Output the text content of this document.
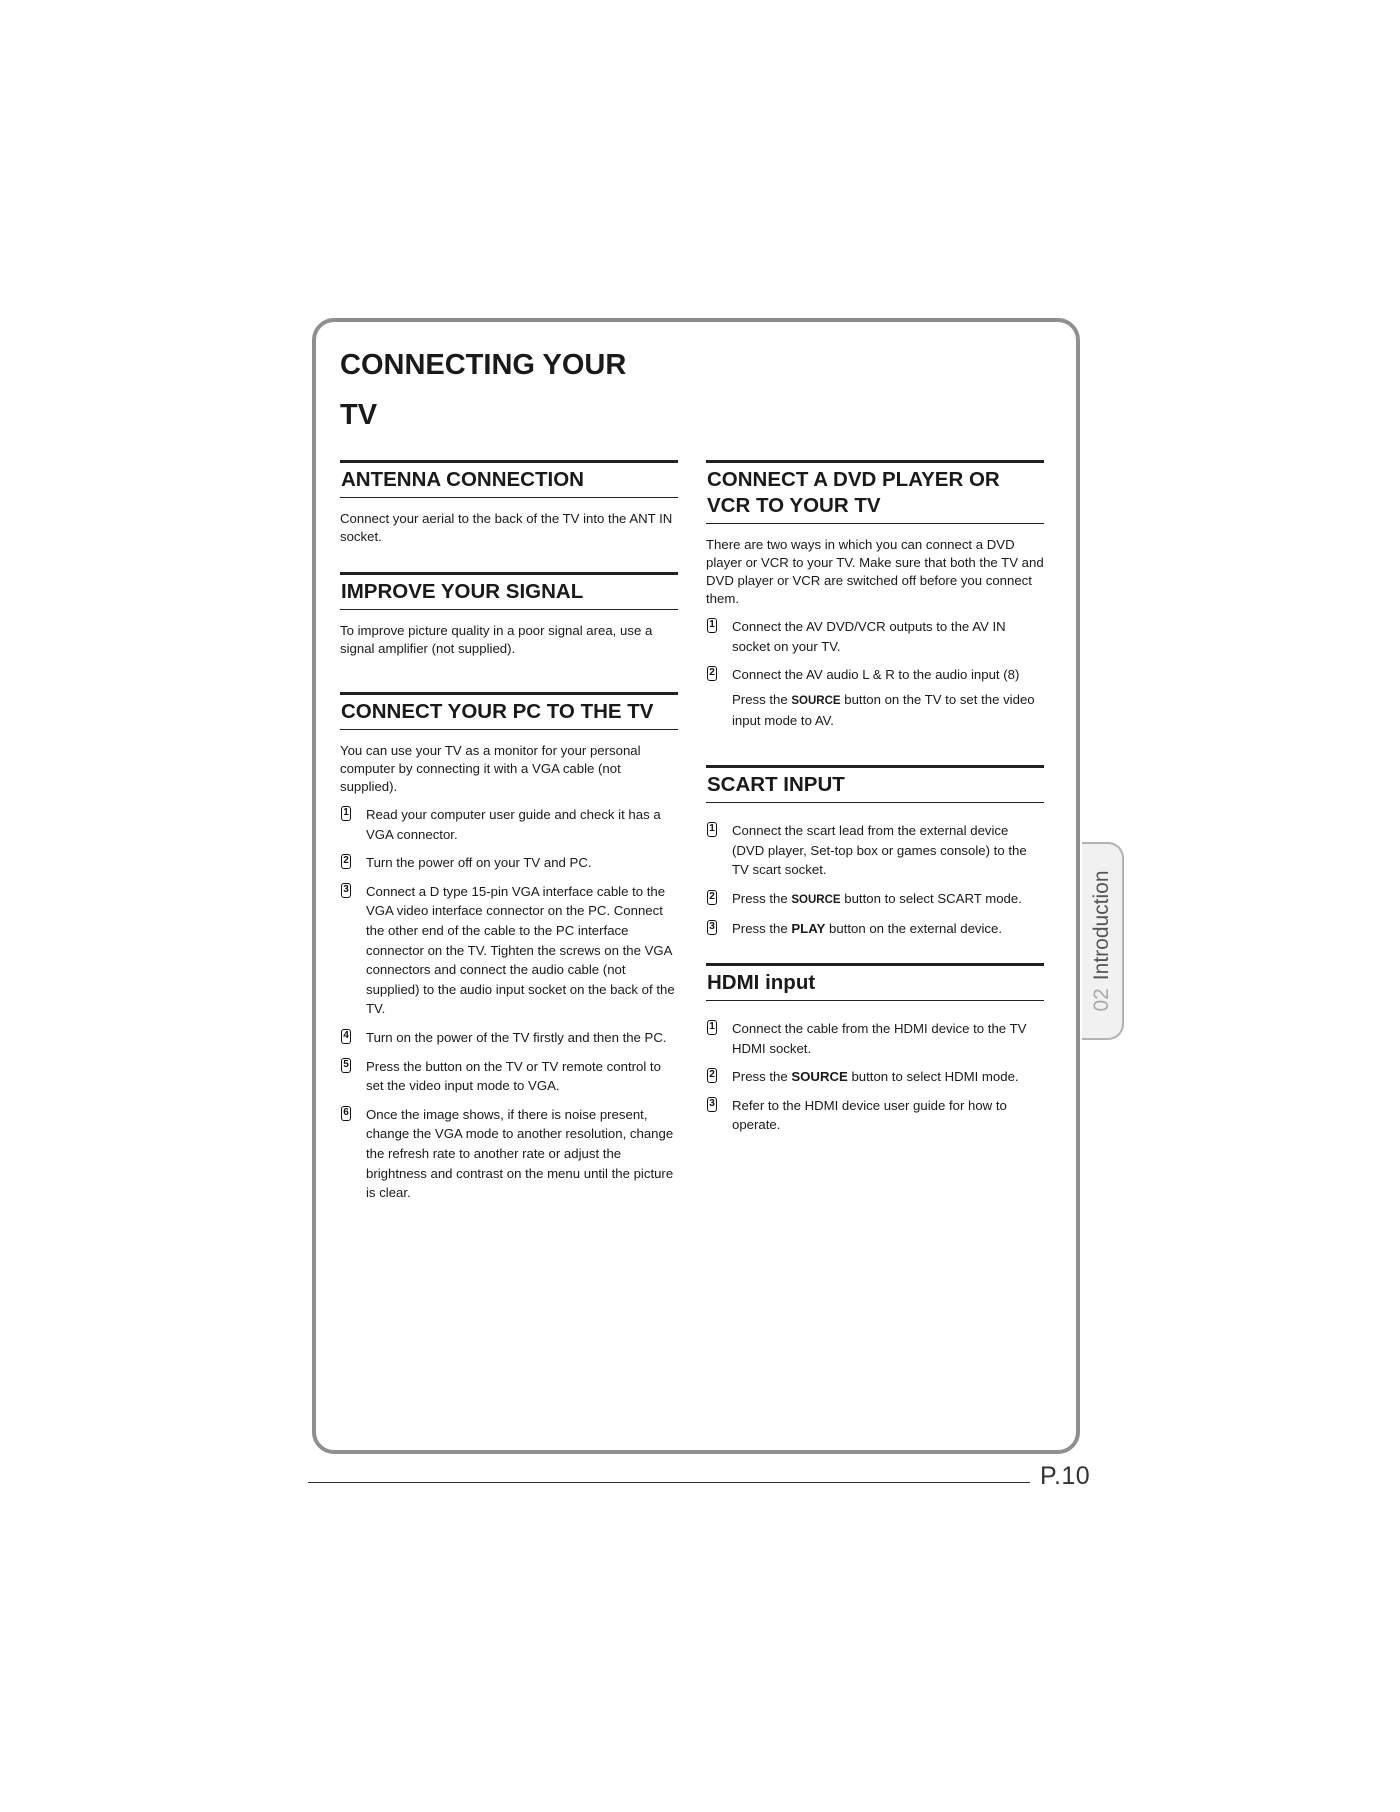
CONNECTING YOUR
TV
ANTENNA CONNECTION

Connect your aerial to the back of the TV into the ANT IN socket.

IMPROVE YOUR SIGNAL

To improve picture quality in a poor signal area, use a signal amplifier (not supplied).

CONNECT YOUR PC TO THE TV

You can use your TV as a monitor for your personal computer by connecting it with a VGA cable (not supplied).

1 Read your computer user guide and check it has a VGA connector.
2 Turn the power off on your TV and PC.
3 Connect a D type 15-pin VGA interface cable to the VGA video interface connector on the PC. Connect the other end of the cable to the PC interface connector on the TV. Tighten the screws on the VGA connectors and connect the audio cable (not supplied) to the audio input socket on the back of the TV.
4 Turn on the power of the TV firstly and then the PC.
5 Press the button on the TV or TV remote control to set the video input mode to VGA.
6 Once the image shows, if there is noise present, change the VGA mode to another resolution, change the refresh rate to another rate or adjust the brightness and contrast on the menu until the picture is clear.
CONNECT A DVD PLAYER OR VCR TO YOUR TV

There are two ways in which you can connect a DVD player or VCR to your TV. Make sure that both the TV and DVD player or VCR are switched off before you connect them.

1 Connect the AV DVD/VCR outputs to the AV IN socket on your TV.
2 Connect the AV audio L & R to the audio input (8)
Press the SOURCE button on the TV to set the video input mode to AV.
SCART INPUT
1 Connect the scart lead from the external device (DVD player, Set-top box or games console) to the TV scart socket.
2 Press the SOURCE button to select SCART mode.
3 Press the PLAY button on the external device.
HDMI input
1 Connect the cable from the HDMI device to the TV HDMI socket.
2 Press the SOURCE button to select HDMI mode.
3 Refer to the HDMI device user guide for how to operate.
02Introduction
P.10
